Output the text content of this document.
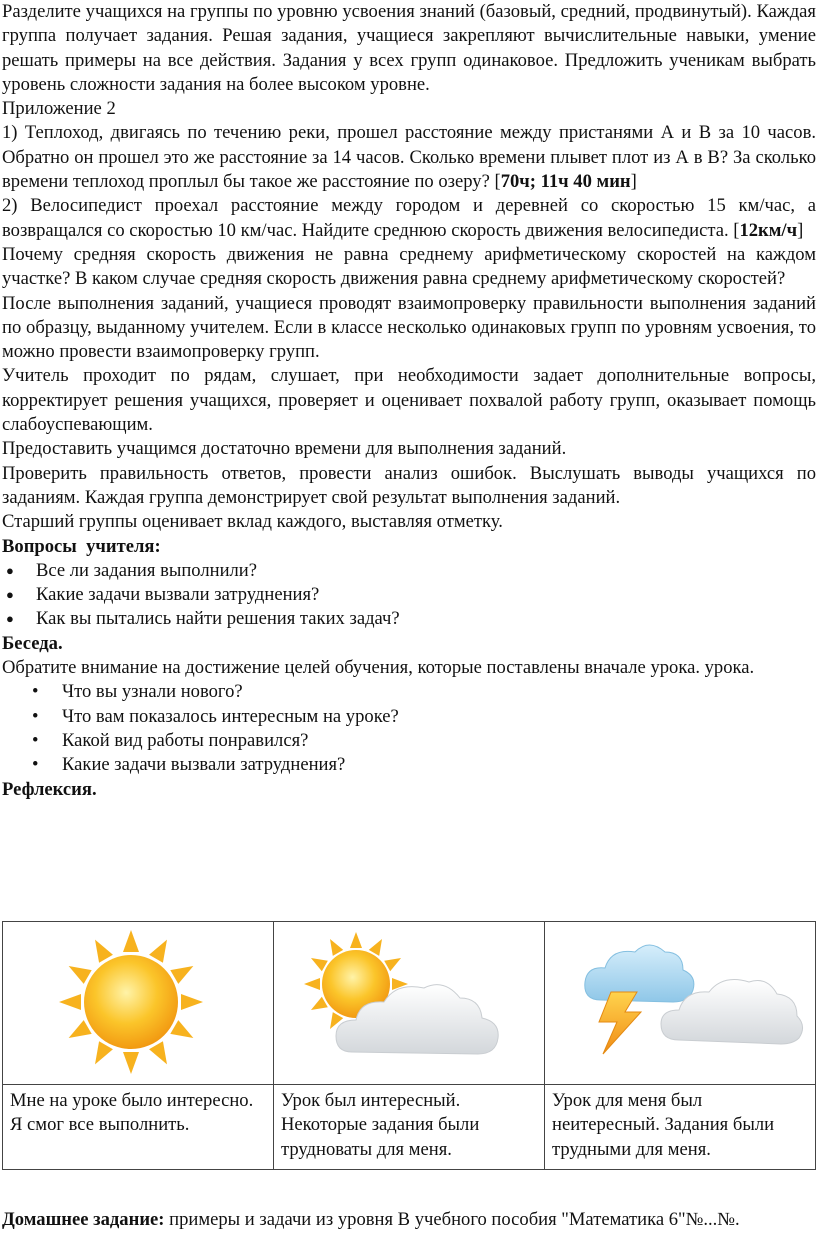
Разделите учащихся на группы по уровню усвоения знаний (базовый, средний, продвинутый). Каждая группа получает задания. Решая задания, учащиеся закрепляют вычислительные навыки, умение решать примеры на все действия. Задания у всех групп одинаковое. Предложить ученикам выбрать уровень сложности задания на более высоком уровне.

Приложение 2

1) Теплоход, двигаясь по течению реки, прошел расстояние между пристанями А и В за 10 часов. Обратно он прошел это же расстояние за 14 часов. Сколько времени плывет плот из А в В? За сколько времени теплоход проплыл бы такое же расстояние по озеру? [70ч; 11ч 40 мин]

2) Велосипедист проехал расстояние между городом и деревней со скоростью 15 км/час, а возвращался со скоростью 10 км/час. Найдите среднюю скорость движения велосипедиста. [12км/ч]

Почему средняя скорость движения не равна среднему арифметическому скоростей на каждом участке? В каком случае средняя скорость движения равна среднему арифметическому скоростей?

После выполнения заданий, учащиеся проводят взаимопроверку правильности выполнения заданий по образцу, выданному учителем. Если в классе несколько одинаковых групп по уровням усвоения, то можно провести взаимопроверку групп.

Учитель проходит по рядам, слушает, при необходимости задает дополнительные вопросы, корректирует решения учащихся, проверяет и оценивает похвалой работу групп, оказывает помощь слабоуспевающим.

Предоставить учащимся достаточно времени для выполнения заданий.

Проверить правильность ответов, провести анализ ошибок. Выслушать выводы учащихся по заданиям. Каждая группа демонстрирует свой результат выполнения заданий.

Старший группы оценивает вклад каждого, выставляя отметку.

Вопросы  учителя:

● Все ли задания выполнили?
● Какие задачи вызвали затруднения?
● Как вы пытались найти решения таких задач?

Беседа.

Обратите внимание на достижение целей обучения, которые поставлены вначале урока. урока.

• Что вы узнали нового?
• Что вам показалось интересным на уроке?
• Какой вид работы понравился?
• Какие задачи вызвали затруднения?

Рефлексия.

Мне на уроке было интересно. Я смог все выполнить.	Урок был интересный. Некоторые задания были трудноваты для меня.	Урок для меня был неитересный. Задания были трудными для меня.

Домашнее задание: примеры и задачи из уровня В учебного пособия "Математика 6"№...№.
